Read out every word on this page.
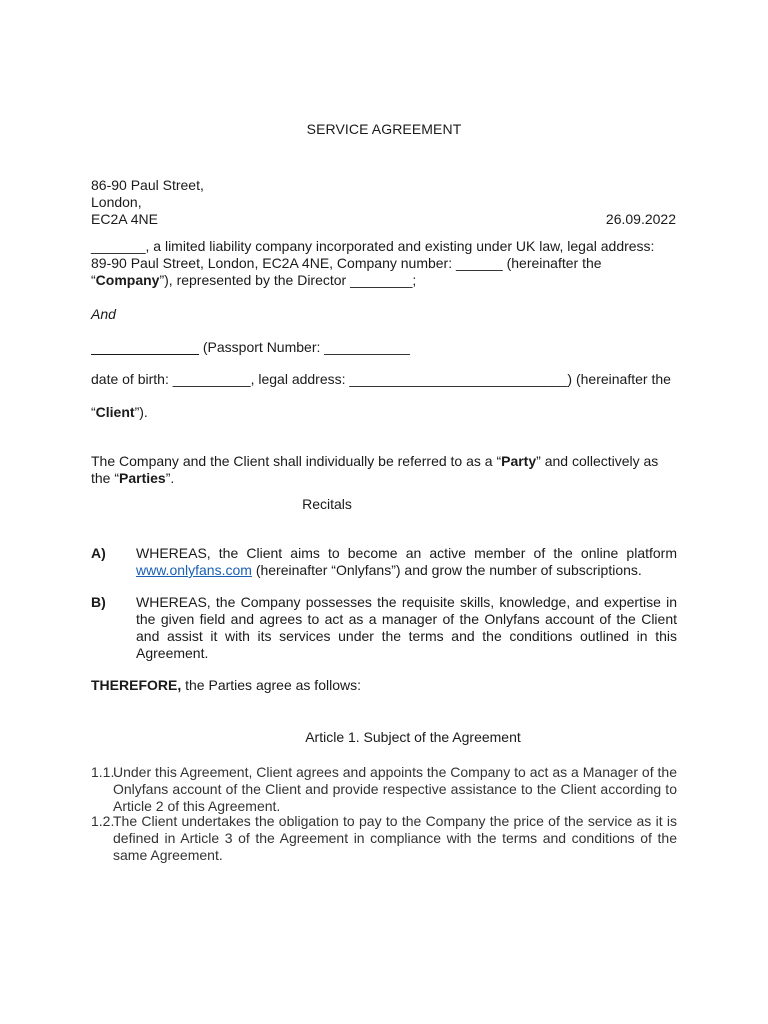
SERVICE AGREEMENT
86-90 Paul Street,
London,
EC2A 4NE	26.09.2022
_______, a limited liability company incorporated and existing under UK law, legal address: 89-90 Paul Street, London, EC2A 4NE, Company number: ______ (hereinafter the “Company”), represented by the Director ________;
And
(Passport Number: ___________
date of birth: __________, legal address: ____________________________) (hereinafter the
“Client”).
The Company and the Client shall individually be referred to as a “Party” and collectively as the “Parties”.
Recitals
A) WHEREAS, the Client aims to become an active member of the online platform www.onlyfans.com (hereinafter “Onlyfans”) and grow the number of subscriptions.
B) WHEREAS, the Company possesses the requisite skills, knowledge, and expertise in the given field and agrees to act as a manager of the Onlyfans account of the Client and assist it with its services under the terms and the conditions outlined in this Agreement.
THEREFORE, the Parties agree as follows:
Article 1. Subject of the Agreement
1.1.
Under this Agreement, Client agrees and appoints the Company to act as a Manager of the Onlyfans account of the Client and provide respective assistance to the Client according to Article 2 of this Agreement.
1.2.
The Client undertakes the obligation to pay to the Company the price of the service as it is defined in Article 3 of the Agreement in compliance with the terms and conditions of the same Agreement.
